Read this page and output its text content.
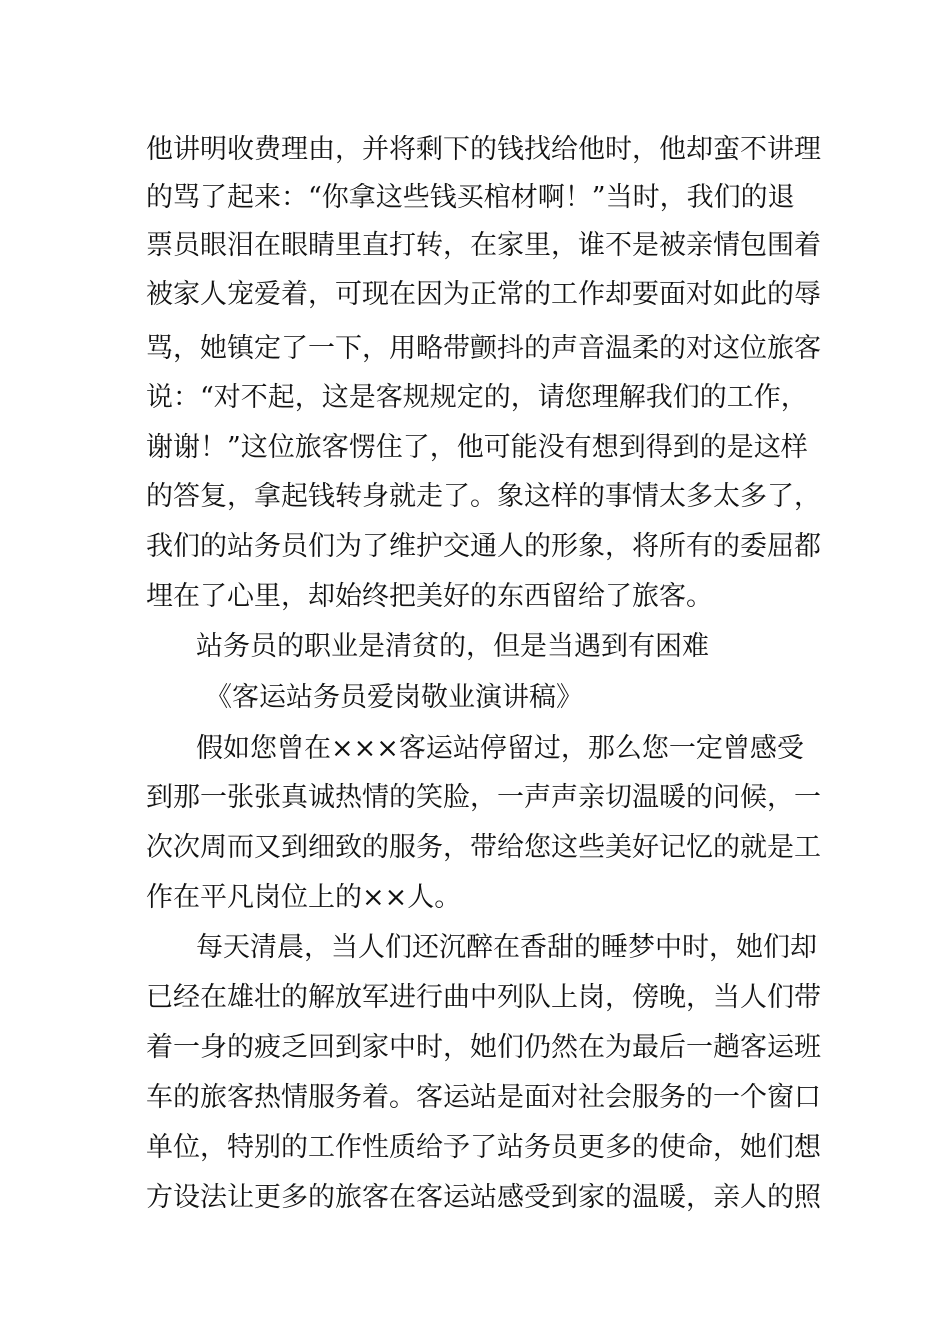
他讲明收费理由，并将剩下的钱找给他时，他却蛮不讲理
的骂了起来：“你拿这些钱买棺材啊！”当时，我们的退
票员眼泪在眼睛里直打转，在家里，谁不是被亲情包围着
被家人宠爱着，可现在因为正常的工作却要面对如此的辱
骂，她镇定了一下，用略带颤抖的声音温柔的对这位旅客
说：“对不起，这是客规规定的，请您理解我们的工作，
谢谢！”这位旅客愣住了，他可能没有想到得到的是这样
的答复，拿起钱转身就走了。象这样的事情太多太多了，
我们的站务员们为了维护交通人的形象，将所有的委屈都
埋在了心里，却始终把美好的东西留给了旅客。
站务员的职业是清贫的，但是当遇到有困难
《客运站务员爱岗敬业演讲稿》
假如您曾在×××客运站停留过，那么您一定曾感受
到那一张张真诚热情的笑脸，一声声亲切温暖的问候，一
次次周而又到细致的服务，带给您这些美好记忆的就是工
作在平凡岗位上的××人。
每天清晨，当人们还沉醉在香甜的睡梦中时，她们却
已经在雄壮的解放军进行曲中列队上岗，傍晚，当人们带
着一身的疲乏回到家中时，她们仍然在为最后一趟客运班
车的旅客热情服务着。客运站是面对社会服务的一个窗口
单位，特别的工作性质给予了站务员更多的使命，她们想
方设法让更多的旅客在客运站感受到家的温暖，亲人的照
